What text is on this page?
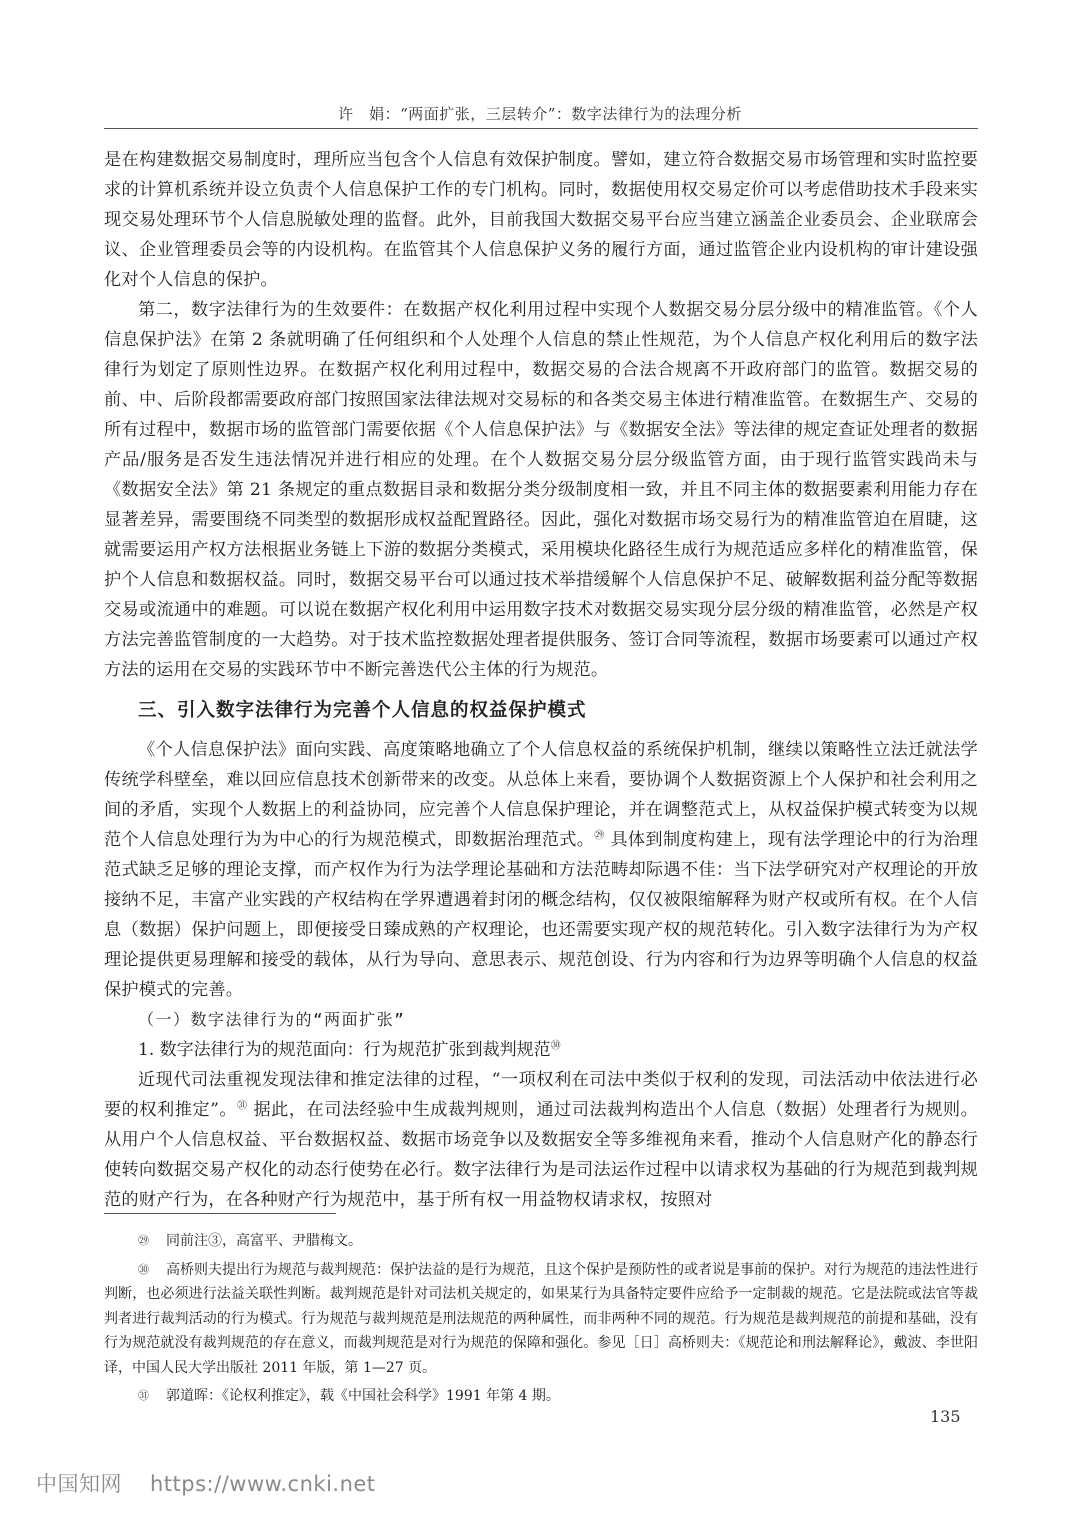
许　娟：“两面扩张，三层转介”：数字法律行为的法理分析

是在构建数据交易制度时，理所应当包含个人信息有效保护制度。譬如，建立符合数据交易市场管理和实时监控要求的计算机系统并设立负责个人信息保护工作的专门机构。同时，数据使用权交易定价可以考虑借助技术手段来实现交易处理环节个人信息脱敏处理的监督。此外，目前我国大数据交易平台应当建立涵盖企业委员会、企业联席会议、企业管理委员会等的内设机构。在监管其个人信息保护义务的履行方面，通过监管企业内设机构的审计建设强化对个人信息的保护。

第二，数字法律行为的生效要件：在数据产权化利用过程中实现个人数据交易分层分级中的精准监管。《个人信息保护法》在第 2 条就明确了任何组织和个人处理个人信息的禁止性规范，为个人信息产权化利用后的数字法律行为划定了原则性边界。在数据产权化利用过程中，数据交易的合法合规离不开政府部门的监管。数据交易的前、中、后阶段都需要政府部门按照国家法律法规对交易标的和各类交易主体进行精准监管。在数据生产、交易的所有过程中，数据市场的监管部门需要依据《个人信息保护法》与《数据安全法》等法律的规定查证处理者的数据产品/服务是否发生违法情况并进行相应的处理。在个人数据交易分层分级监管方面，由于现行监管实践尚未与《数据安全法》第 21 条规定的重点数据目录和数据分类分级制度相一致，并且不同主体的数据要素利用能力存在显著差异，需要围绕不同类型的数据形成权益配置路径。因此，强化对数据市场交易行为的精准监管迫在眉睫，这就需要运用产权方法根据业务链上下游的数据分类模式，采用模块化路径生成行为规范适应多样化的精准监管，保护个人信息和数据权益。同时，数据交易平台可以通过技术举措缓解个人信息保护不足、破解数据利益分配等数据交易或流通中的难题。可以说在数据产权化利用中运用数字技术对数据交易实现分层分级的精准监管，必然是产权方法完善监管制度的一大趋势。对于技术监控数据处理者提供服务、签订合同等流程，数据市场要素可以通过产权方法的运用在交易的实践环节中不断完善迭代公主体的行为规范。

三、引入数字法律行为完善个人信息的权益保护模式

《个人信息保护法》面向实践、高度策略地确立了个人信息权益的系统保护机制，继续以策略性立法迁就法学传统学科壁垒，难以回应信息技术创新带来的改变。从总体上来看，要协调个人数据资源上个人保护和社会利用之间的矛盾，实现个人数据上的利益协同，应完善个人信息保护理论，并在调整范式上，从权益保护模式转变为以规范个人信息处理行为为中心的行为规范模式，即数据治理范式。$^㉙$ 具体到制度构建上，现有法学理论中的行为治理范式缺乏足够的理论支撑，而产权作为行为法学理论基础和方法范畴却际遇不佳：当下法学研究对产权理论的开放接纳不足，丰富产业实践的产权结构在学界遭遇着封闭的概念结构，仅仅被限缩解释为财产权或所有权。在个人信息（数据）保护问题上，即便接受日臻成熟的产权理论，也还需要实现产权的规范转化。引入数字法律行为为产权理论提供更易理解和接受的载体，从行为导向、意思表示、规范创设、行为内容和行为边界等明确个人信息的权益保护模式的完善。

（一）数字法律行为的“两面扩张”
1. 数字法律行为的规范面向：行为规范扩张到裁判规范$^㉚$

近现代司法重视发现法律和推定法律的过程，“一项权利在司法中类似于权利的发现，司法活动中依法进行必要的权利推定”。$^㉛$ 据此，在司法经验中生成裁判规则，通过司法裁判构造出个人信息（数据）处理者行为规则。从用户个人信息权益、平台数据权益、数据市场竞争以及数据安全等多维视角来看，推动个人信息财产化的静态行使转向数据交易产权化的动态行使势在必行。数字法律行为是司法运作过程中以请求权为基础的行为规范到裁判规范的财产行为，在各种财产行为规范中，基于所有权一用益物权请求权，按照对

㉙	同前注③，高富平、尹腊梅文。
㉚	高桥则夫提出行为规范与裁判规范：保护法益的是行为规范，且这个保护是预防性的或者说是事前的保护。对行为规范的违法性进行判断，也必须进行法益关联性判断。裁判规范是针对司法机关规定的，如果某行为具备特定要件应给予一定制裁的规范。它是法院或法官等裁判者进行裁判活动的行为模式。行为规范与裁判规范是刑法规范的两种属性，而非两种不同的规范。行为规范是裁判规范的前提和基础，没有行为规范就没有裁判规范的存在意义，而裁判规范是对行为规范的保障和强化。参见［日］高桥则夫：《规范论和刑法解释论》，戴波、李世阳译，中国人民大学出版社 2011 年版，第 1—27 页。
㉛	郭道晖：《论权利推定》，载《中国社会科学》1991 年第 4 期。
135
中国知网 https://www.cnki.net
